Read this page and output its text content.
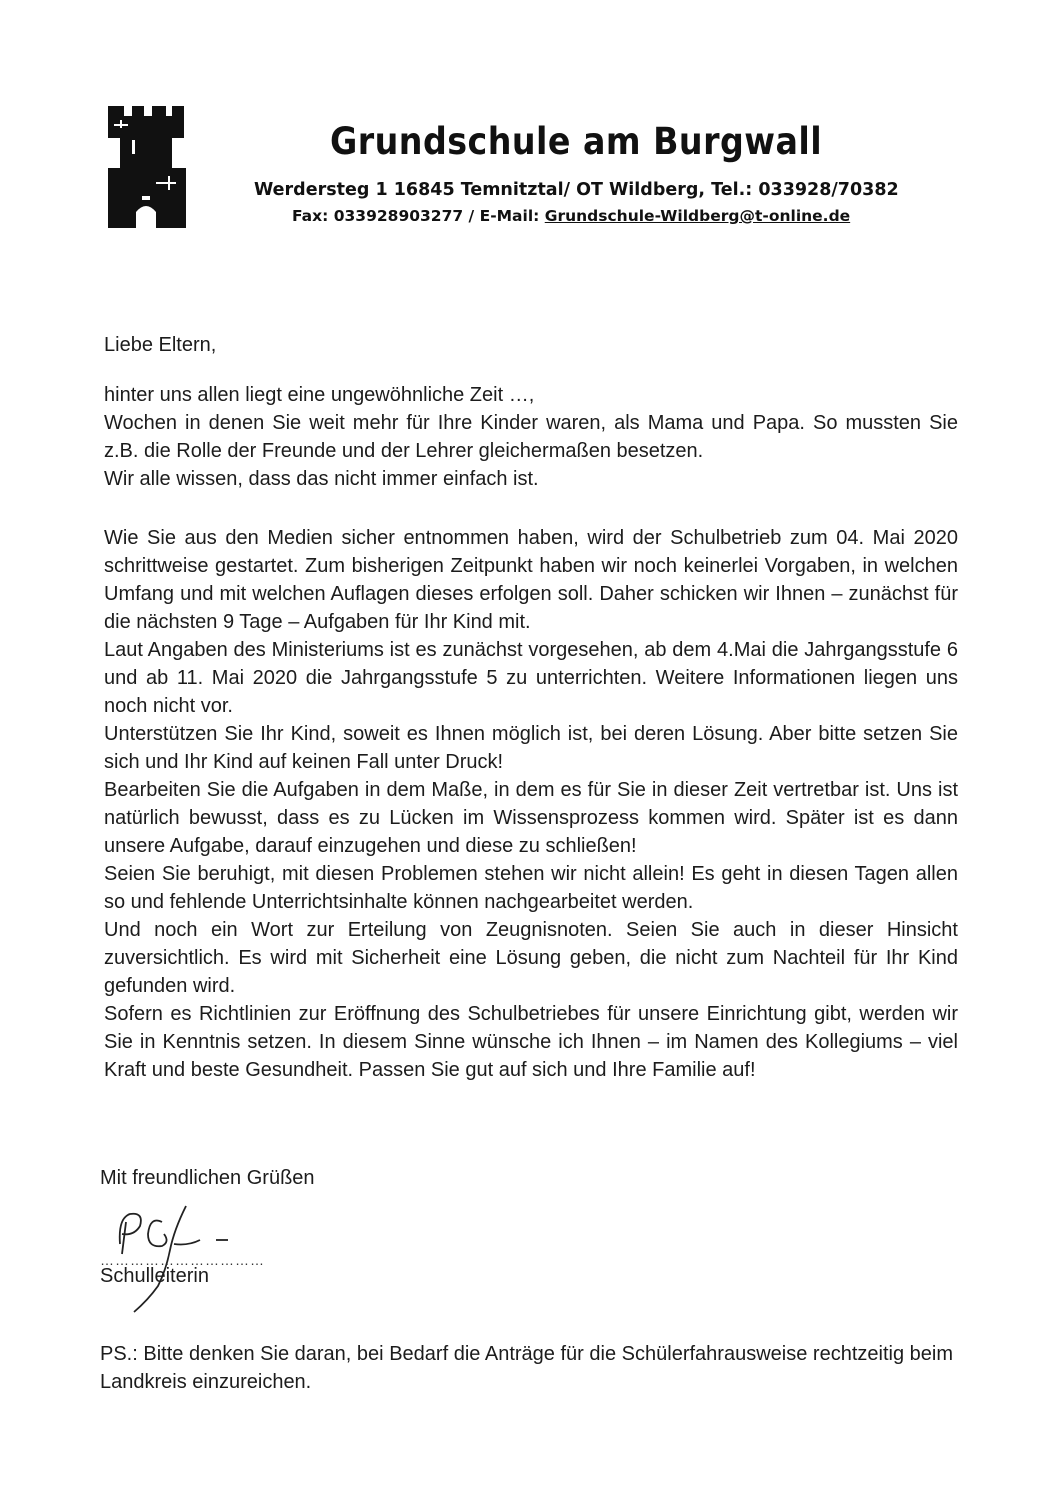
Grundschule am Burgwall
Werdersteg 1 16845 Temnitztal/ OT Wildberg, Tel.: 033928/70382
Fax: 033928903277 / E-Mail: Grundschule-Wildberg@t-online.de
Liebe Eltern,

hinter uns allen liegt eine ungewöhnliche Zeit …,

Wochen in denen Sie weit mehr für Ihre Kinder waren, als Mama und Papa. So mussten Sie z.B. die Rolle der Freunde und der Lehrer gleichermaßen besetzen.

Wir alle wissen, dass das nicht immer einfach ist.

Wie Sie aus den Medien sicher entnommen haben, wird der Schulbetrieb zum 04. Mai 2020 schrittweise gestartet. Zum bisherigen Zeitpunkt haben wir noch keinerlei Vorgaben, in welchen Umfang und mit welchen Auflagen dieses erfolgen soll. Daher schicken wir Ihnen – zunächst für die nächsten 9 Tage – Aufgaben für Ihr Kind mit.

Laut Angaben des Ministeriums ist es zunächst vorgesehen, ab dem 4.Mai die Jahrgangsstufe 6 und ab 11. Mai 2020 die Jahrgangsstufe 5 zu unterrichten. Weitere Informationen liegen uns noch nicht vor.

Unterstützen Sie Ihr Kind, soweit es Ihnen möglich ist, bei deren Lösung. Aber bitte setzen Sie sich und Ihr Kind auf keinen Fall unter Druck!

Bearbeiten Sie die Aufgaben in dem Maße, in dem es für Sie in dieser Zeit vertretbar ist. Uns ist natürlich bewusst, dass es zu Lücken im Wissensprozess kommen wird. Später ist es dann unsere Aufgabe, darauf einzugehen und diese zu schließen!

Seien Sie beruhigt, mit diesen Problemen stehen wir nicht allein! Es geht in diesen Tagen allen so und fehlende Unterrichtsinhalte können nachgearbeitet werden.

Und noch ein Wort zur Erteilung von Zeugnisnoten. Seien Sie auch in dieser Hinsicht zuversichtlich. Es wird mit Sicherheit eine Lösung geben, die nicht zum Nachteil für Ihr Kind gefunden wird.

Sofern es Richtlinien zur Eröffnung des Schulbetriebes für unsere Einrichtung gibt, werden wir Sie in Kenntnis setzen. In diesem Sinne wünsche ich Ihnen – im Namen des Kollegiums – viel Kraft und beste Gesundheit. Passen Sie gut auf sich und Ihre Familie auf!

Mit freundlichen Grüßen
……………………………
Schulleiterin
PS.: Bitte denken Sie daran, bei Bedarf die Anträge für die Schülerfahrausweise rechtzeitig beim Landkreis einzureichen.
